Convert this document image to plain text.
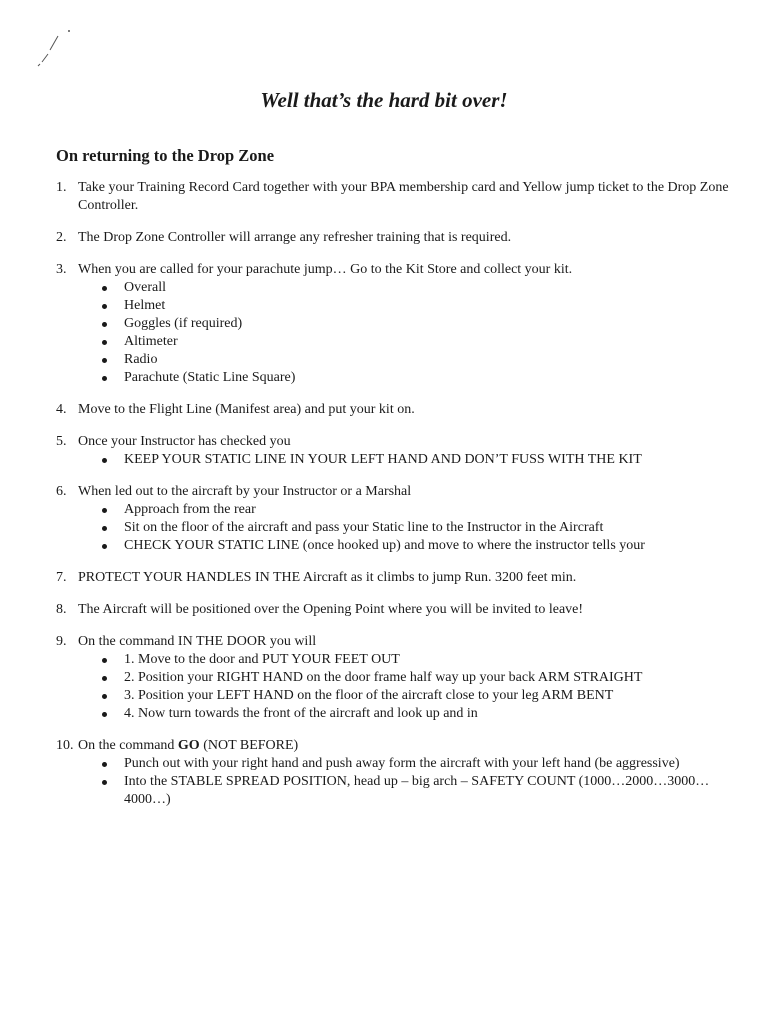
Well that’s the hard bit over!
On returning to the Drop Zone
1. Take your Training Record Card together with your BPA membership card and Yellow jump ticket to the Drop Zone Controller.
2. The Drop Zone Controller will arrange any refresher training that is required.
3. When you are called for your parachute jump… Go to the Kit Store and collect your kit.
Overall
Helmet
Goggles (if required)
Altimeter
Radio
Parachute (Static Line Square)
4. Move to the Flight Line (Manifest area) and put your kit on.
5. Once your Instructor has checked you
KEEP YOUR STATIC LINE IN YOUR LEFT HAND AND DON’T FUSS WITH THE KIT
6. When led out to the aircraft by your Instructor or a Marshal
Approach from the rear
Sit on the floor of the aircraft and pass your Static line to the Instructor in the Aircraft
CHECK YOUR STATIC LINE (once hooked up) and move to where the instructor tells your
7. PROTECT YOUR HANDLES IN THE Aircraft as it climbs to jump Run. 3200 feet min.
8. The Aircraft will be positioned over the Opening Point where you will be invited to leave!
9. On the command IN THE DOOR you will
1. Move to the door and PUT YOUR FEET OUT
2. Position your RIGHT HAND on the door frame half way up your back ARM STRAIGHT
3. Position your LEFT HAND on the floor of the aircraft close to your leg ARM BENT
4. Now turn towards the front of the aircraft and look up and in
10. On the command GO (NOT BEFORE)
Punch out with your right hand and push away form the aircraft with your left hand (be aggressive)
Into the STABLE SPREAD POSITION, head up – big arch – SAFETY COUNT (1000…2000…3000…4000…)
